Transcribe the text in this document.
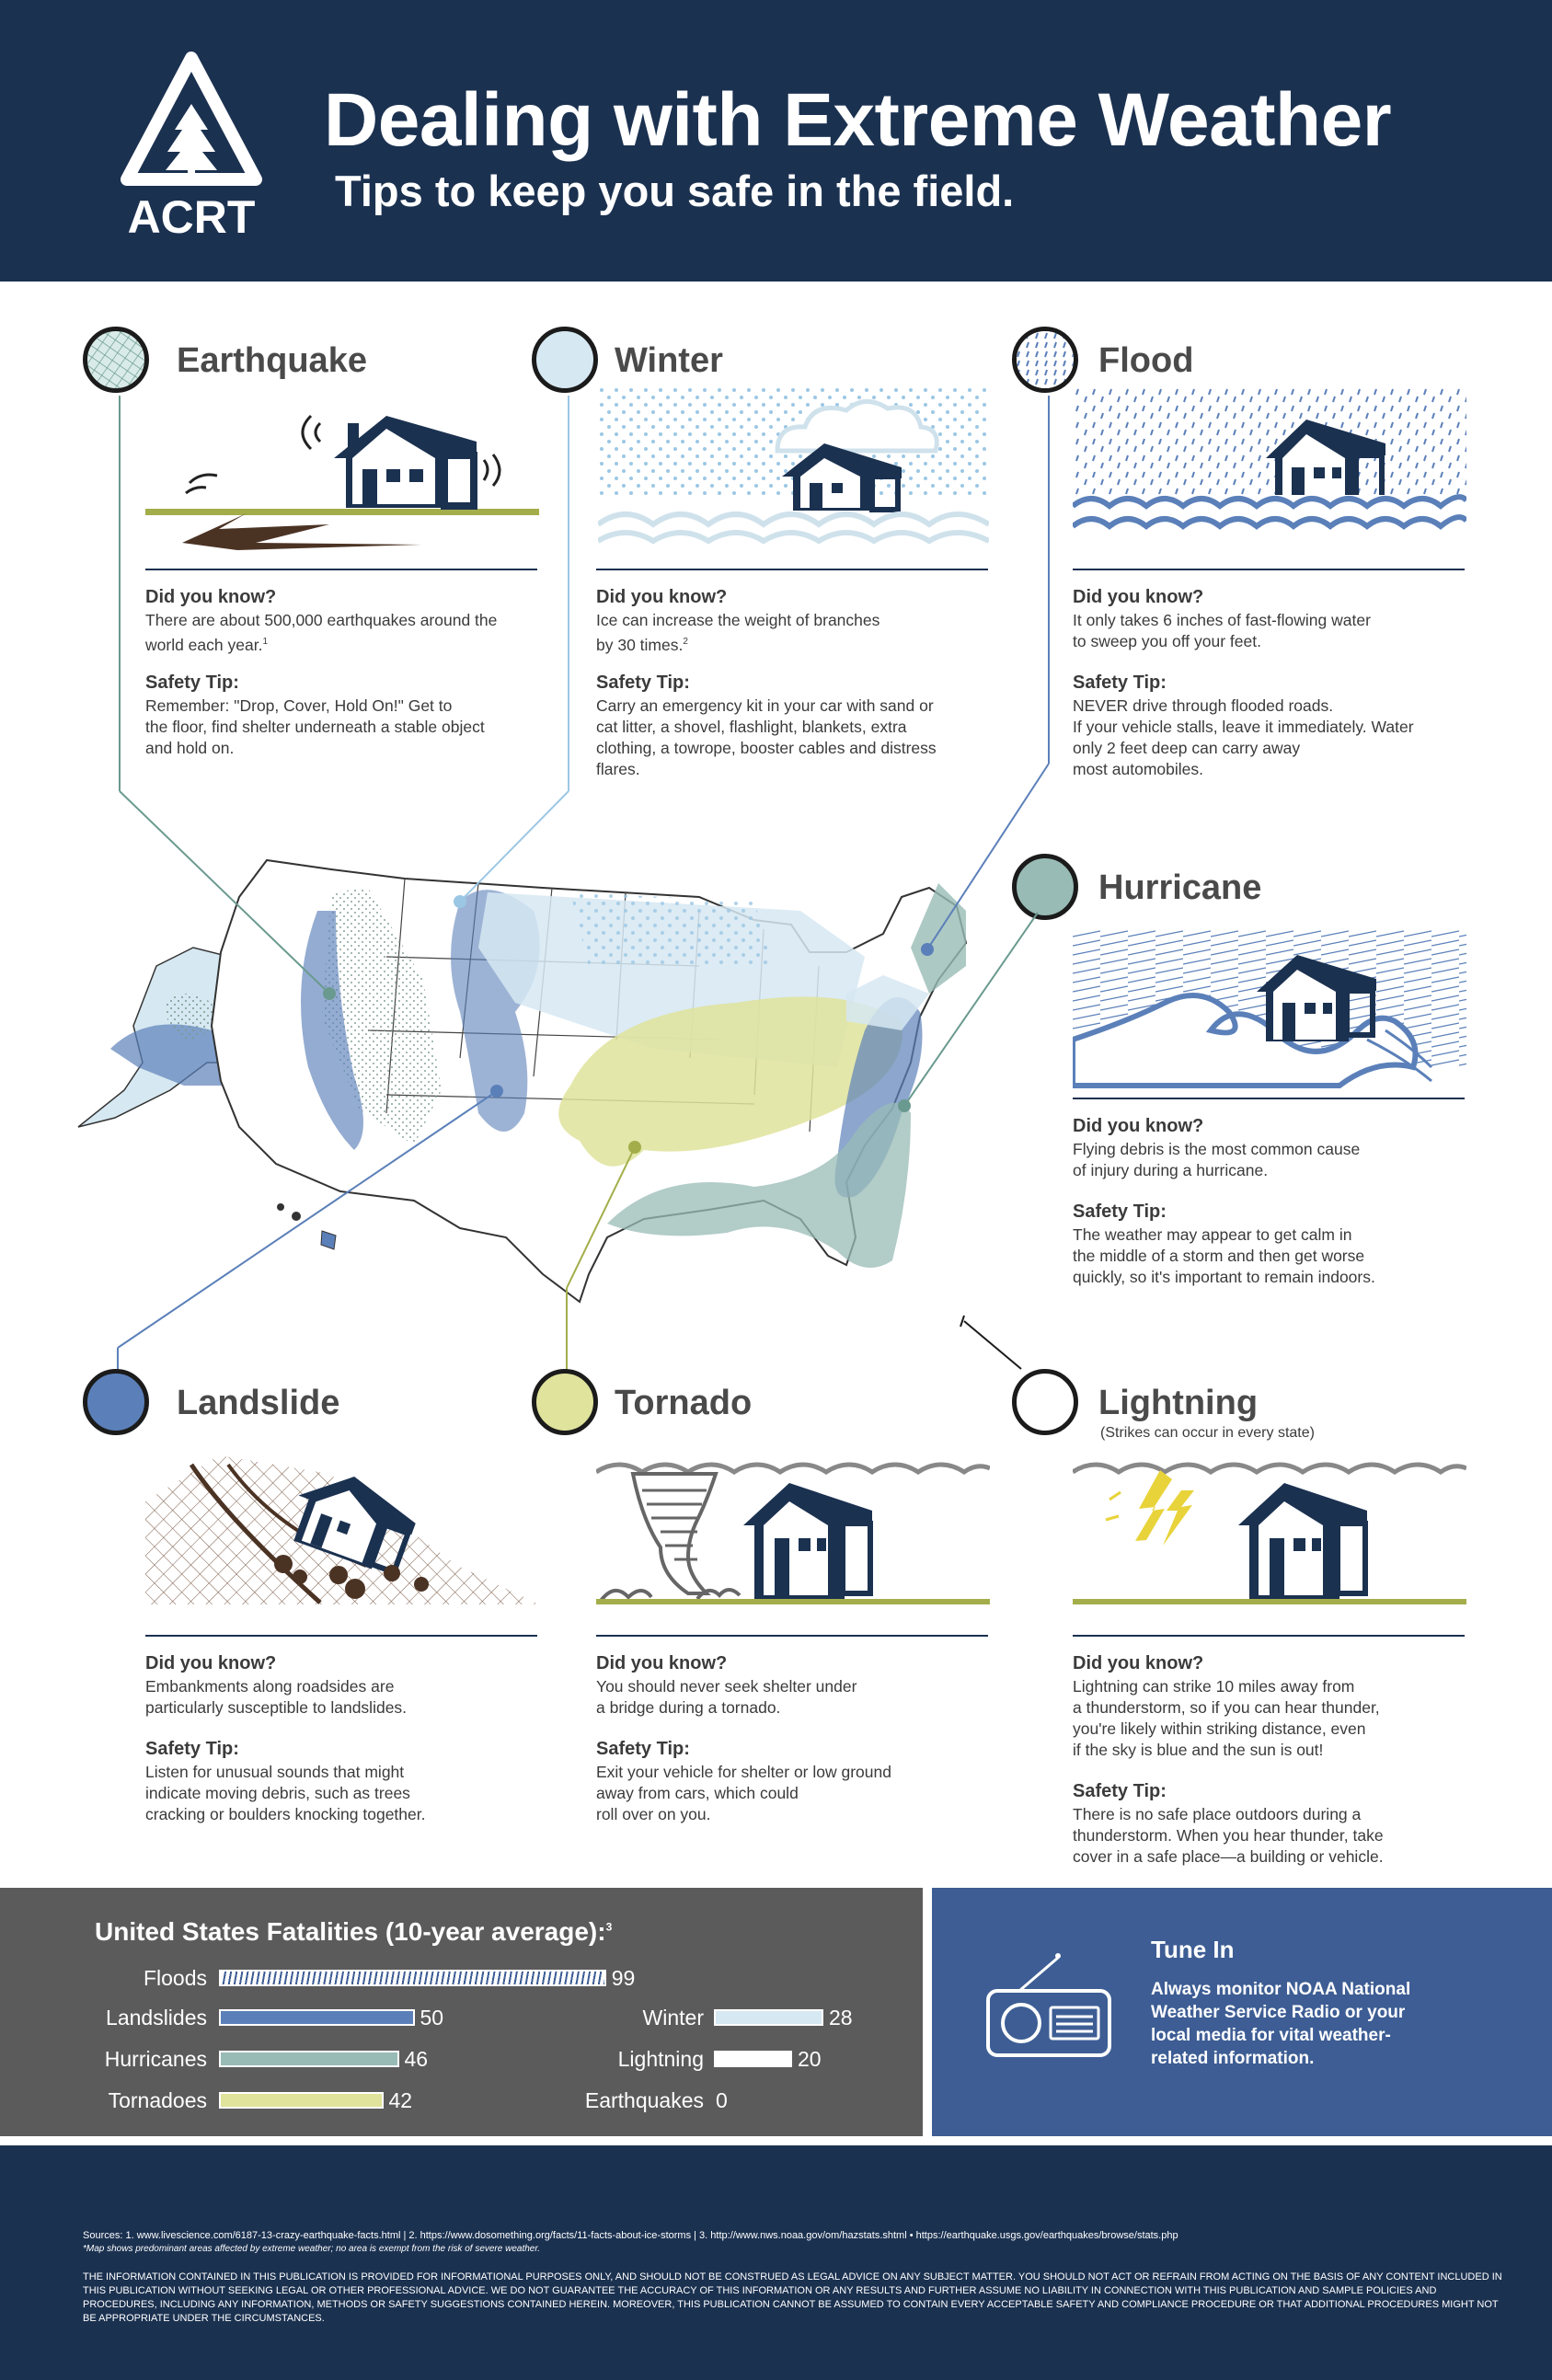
ACRT
Dealing with Extreme Weather
Tips to keep you safe in the field.
Earthquake
Did you know?
There are about 500,000 earthquakes around the
world each year.$^1$
Safety Tip:
Remember: "Drop, Cover, Hold On!" Get to
the floor, find shelter underneath a stable object
and hold on.
Winter
Did you know?
Ice can increase the weight of branches
by 30 times.$^2$
Safety Tip:
Carry an emergency kit in your car with sand or
cat litter, a shovel, flashlight, blankets, extra
clothing, a towrope, booster cables and distress
flares.
Flood
Did you know?
It only takes 6 inches of fast-flowing water
to sweep you off your feet.
Safety Tip:
NEVER drive through flooded roads.
If your vehicle stalls, leave it immediately. Water
only 2 feet deep can carry away
most automobiles.
Hurricane
Did you know?
Flying debris is the most common cause
of injury during a hurricane.
Safety Tip:
The weather may appear to get calm in
the middle of a storm and then get worse
quickly, so it's important to remain indoors.
Landslide
Did you know?
Embankments along roadsides are
particularly susceptible to landslides.
Safety Tip:
Listen for unusual sounds that might
indicate moving debris, such as trees
cracking or boulders knocking together.
Tornado
Did you know?
You should never seek shelter under
a bridge during a tornado.
Safety Tip:
Exit your vehicle for shelter or low ground
away from cars, which could
roll over on you.
Lightning
(Strikes can occur in every state)
Did you know?
Lightning can strike 10 miles away from
a thunderstorm, so if you can hear thunder,
you're likely within striking distance, even
if the sky is blue and the sun is out!
Safety Tip:
There is no safe place outdoors during a
thunderstorm. When you hear thunder, take
cover in a safe place—a building or vehicle.
United States Fatalities (10-year average):$^3$
Floods	99
Landslides	50
Hurricanes	46
Tornadoes	42
Winter	28
Lightning	20
Earthquakes 0
Tune In
Always monitor NOAA National Weather Service Radio or your local media for vital weather-related information.
Sources: 1. www.livescience.com/6187-13-crazy-earthquake-facts.html | 2. https://www.dosomething.org/facts/11-facts-about-ice-storms | 3. http://www.nws.noaa.gov/om/hazstats.shtml • https://earthquake.usgs.gov/earthquakes/browse/stats.php
*Map shows predominant areas affected by extreme weather; no area is exempt from the risk of severe weather.
THE INFORMATION CONTAINED IN THIS PUBLICATION IS PROVIDED FOR INFORMATIONAL PURPOSES ONLY, AND SHOULD NOT BE CONSTRUED AS LEGAL ADVICE ON ANY SUBJECT MATTER. YOU SHOULD NOT ACT OR REFRAIN FROM ACTING ON THE BASIS OF ANY CONTENT INCLUDED IN THIS PUBLICATION WITHOUT SEEKING LEGAL OR OTHER PROFESSIONAL ADVICE. WE DO NOT GUARANTEE THE ACCURACY OF THIS INFORMATION OR ANY RESULTS AND FURTHER ASSUME NO LIABILITY IN CONNECTION WITH THIS PUBLICATION AND SAMPLE POLICIES AND PROCEDURES, INCLUDING ANY INFORMATION, METHODS OR SAFETY SUGGESTIONS CONTAINED HEREIN. MOREOVER, THIS PUBLICATION CANNOT BE ASSUMED TO CONTAIN EVERY ACCEPTABLE SAFETY AND COMPLIANCE PROCEDURE OR THAT ADDITIONAL PROCEDURES MIGHT NOT BE APPROPRIATE UNDER THE CIRCUMSTANCES.
